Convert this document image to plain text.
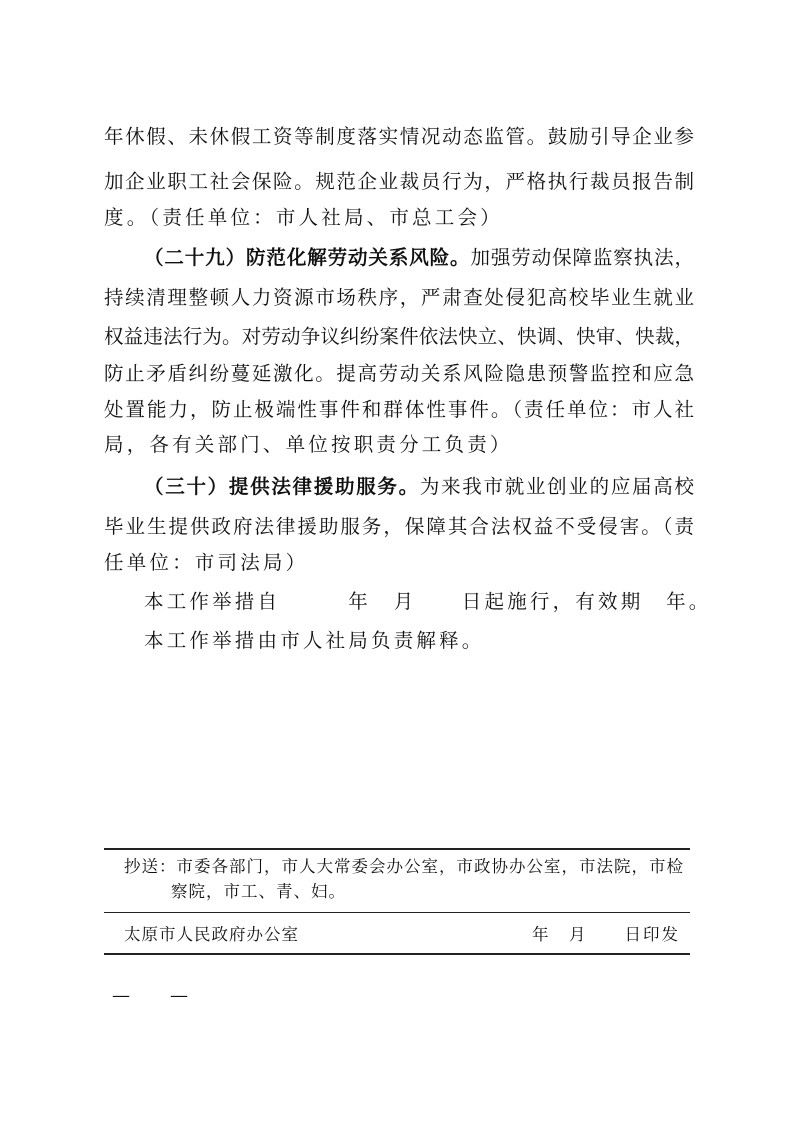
年休假、未休假工资等制度落实情况动态监管。鼓励引导企业参
加企业职工社会保险。规范企业裁员行为，严格执行裁员报告制
度。（责任单位：市人社局、市总工会）
（二十九）防范化解劳动关系风险。加强劳动保障监察执法，
持续清理整顿人力资源市场秩序，严肃查处侵犯高校毕业生就业
权益违法行为。对劳动争议纠纷案件依法快立、快调、快审、快裁，
防止矛盾纠纷蔓延激化。提高劳动关系风险隐患预警监控和应急
处置能力，防止极端性事件和群体性事件。（责任单位：市人社
局，各有关部门、单位按职责分工负责）
（三十）提供法律援助服务。为来我市就业创业的应届高校
毕业生提供政府法律援助服务，保障其合法权益不受侵害。（责
任单位：市司法局）
本工作举措自　　　年　月　　日起施行，有效期　年。
本工作举措由市人社局负责解释。
抄送：市委各部门，市人大常委会办公室，市政协办公室，市法院，市检
察院，市工、青、妇。
太原市人民政府办公室	年　月　　日印发
— —
